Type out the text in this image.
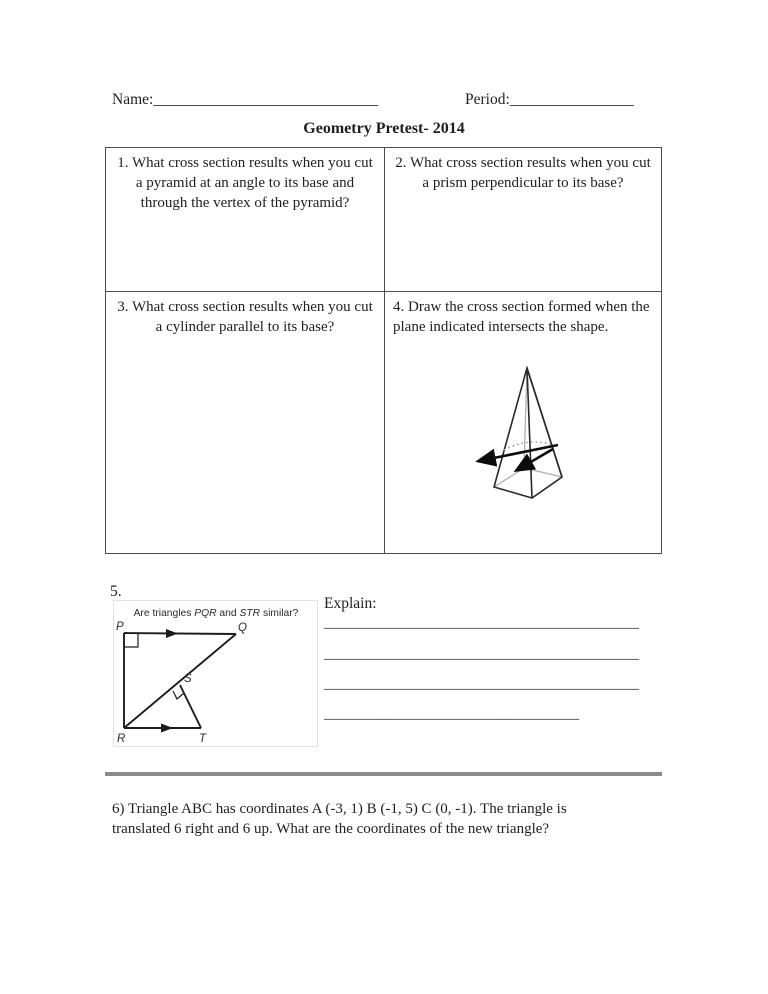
Name:_____________________________	Period:________________
Geometry Pretest- 2014
1. What cross section results when you cut a pyramid at an angle to its base and through the vertex of the pyramid?
2. What cross section results when you cut a prism perpendicular to its base?
3. What cross section results when you cut a cylinder parallel to its base?
4. Draw the cross section formed when the plane indicated intersects the shape.
5.
Are triangles PQR and STR similar?
P	Q
R
S
T
Explain:
__________________________________________
__________________________________________
__________________________________________
__________________________________
6) Triangle ABC has coordinates A (-3, 1) B (-1, 5) C (0, -1). The triangle is
translated 6 right and 6 up. What are the coordinates of the new triangle?
